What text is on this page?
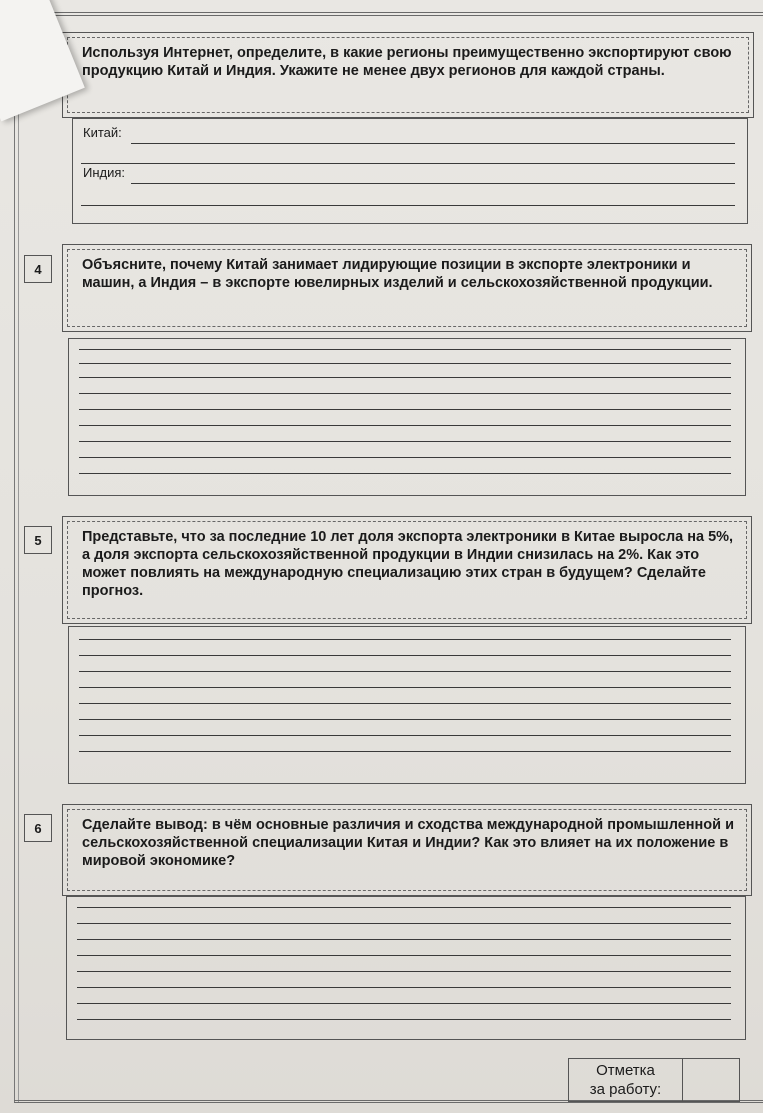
Используя Интернет, определите, в какие регионы преимущественно экспортируют свою продукцию Китай и Индия. Укажите не менее двух регионов для каждой страны.
Китай:
Индия:
4	Объясните, почему Китай занимает лидирующие позиции в экспорте электроники и машин, а Индия – в экспорте ювелирных изделий и сельскохозяйственной продукции.
5	Представьте, что за последние 10 лет доля экспорта электроники в Китае выросла на 5%, а доля экспорта сельскохозяйственной продукции в Индии снизилась на 2%. Как это может повлиять на международную специализацию этих стран в будущем? Сделайте прогноз.
6	Сделайте вывод: в чём основные различия и сходства международной промышленной и сельскохозяйственной специализации Китая и Индии? Как это влияет на их положение в мировой экономике?
Отметка
за работу:
